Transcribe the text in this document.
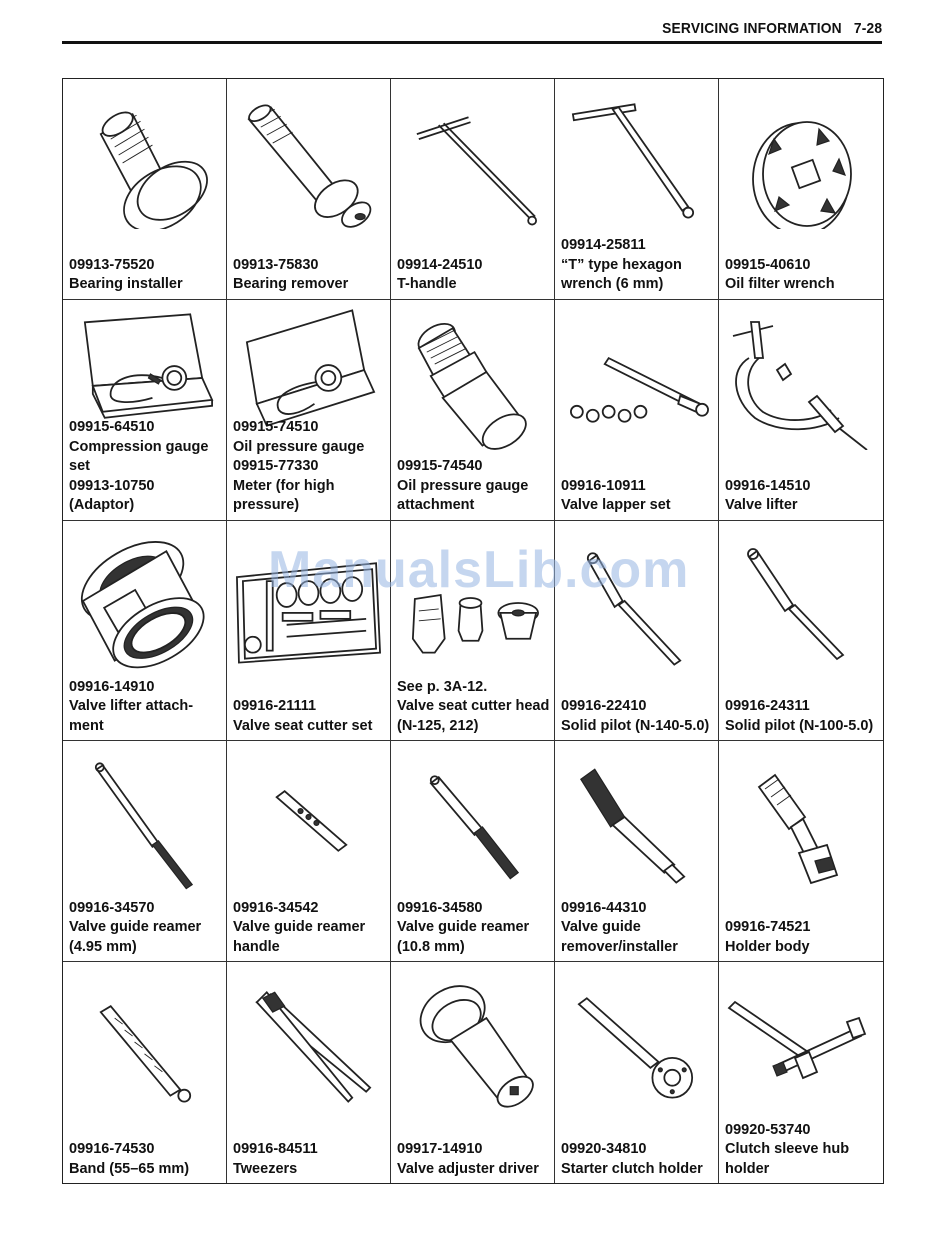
SERVICING INFORMATION 7-28
09913-75520
Bearing installer
09913-75830
Bearing remover
09914-24510
T-handle
09914-25811
“T” type hexagon wrench (6 mm)
09915-40610
Oil filter wrench
09915-64510
Compression gauge set
09913-10750
(Adaptor)
09915-74510
Oil pressure gauge
09915-77330
Meter (for high pressure)
09915-74540
Oil pressure gauge attachment
09916-10911
Valve lapper set
09916-14510
Valve lifter
09916-14910
Valve lifter attach-ment
09916-21111
Valve seat cutter set
See p. 3A-12.
Valve seat cutter head (N-125, 212)
09916-22410
Solid pilot (N-140-5.0)
09916-24311
Solid pilot (N-100-5.0)
09916-34570
Valve guide reamer (4.95 mm)
09916-34542
Valve guide reamer handle
09916-34580
Valve guide reamer (10.8 mm)
09916-44310
Valve guide remover/installer
09916-74521
Holder body
09916-74530
Band (55–65 mm)
09916-84511
Tweezers
09917-14910
Valve adjuster driver
09920-34810
Starter clutch holder
09920-53740
Clutch sleeve hub holder
ManualsLib.com
